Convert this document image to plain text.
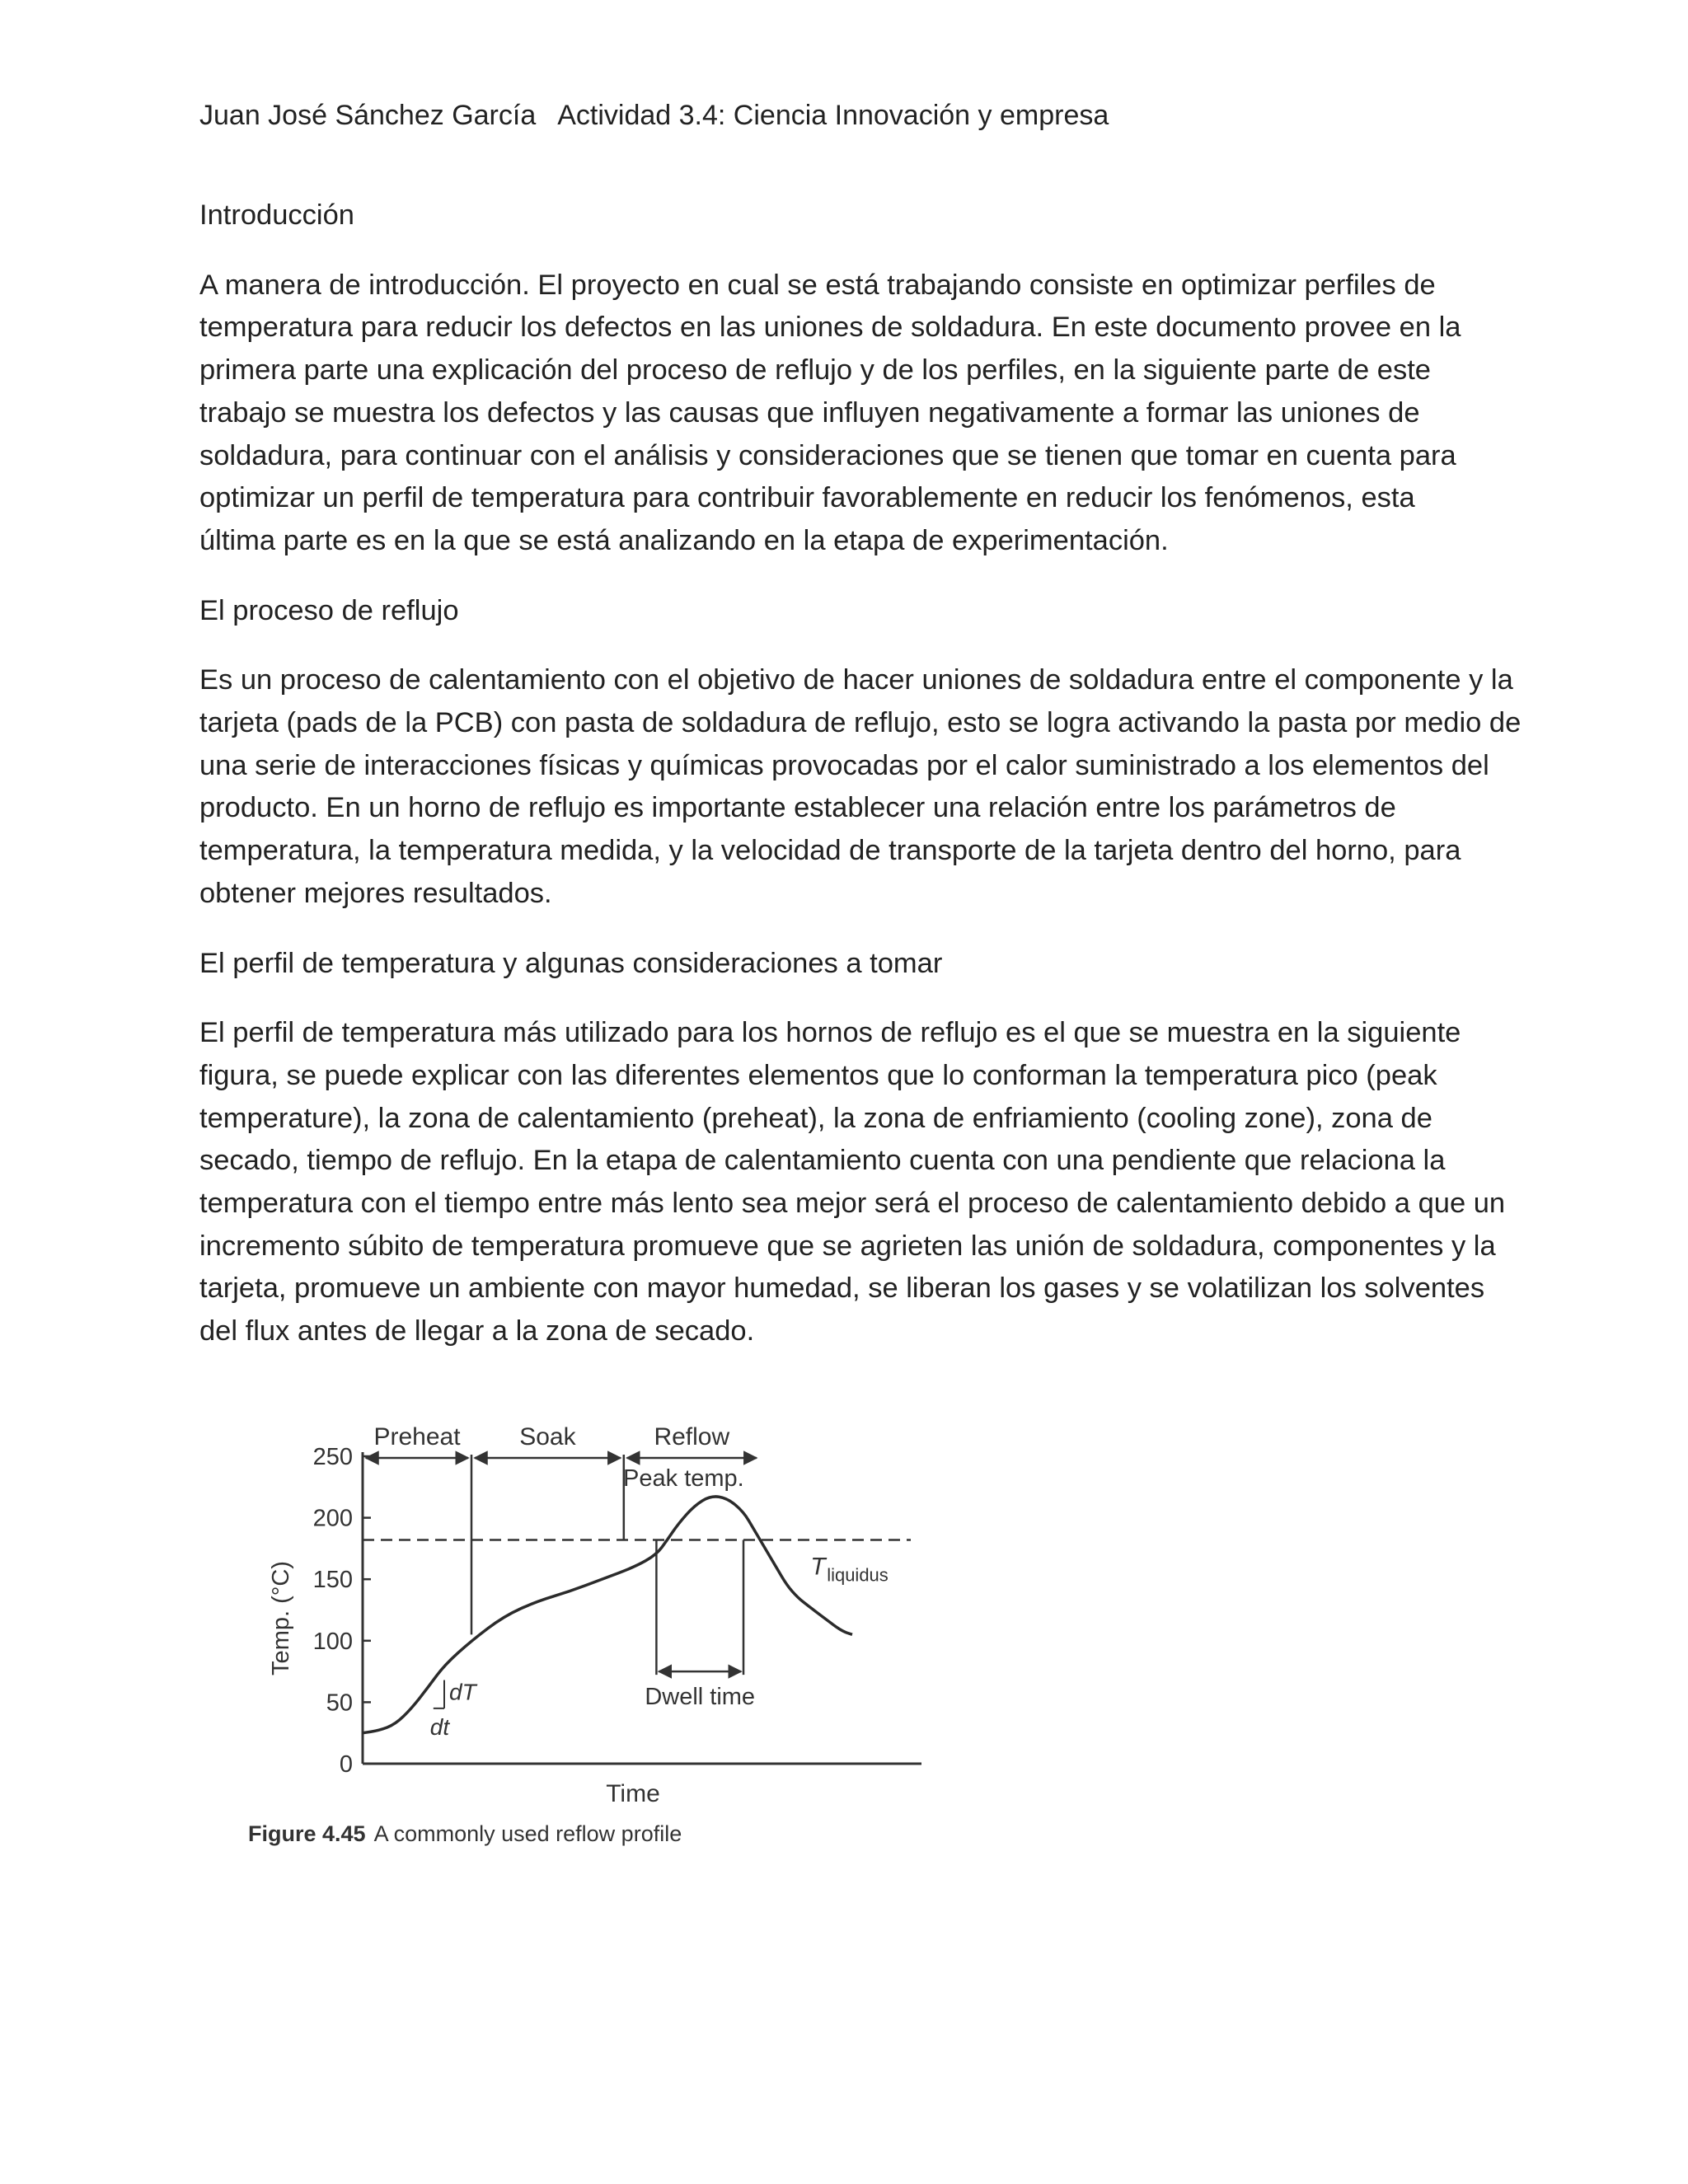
Juan José Sánchez García Actividad 3.4: Ciencia Innovación y empresa
Introducción

A manera de introducción. El proyecto en cual se está trabajando consiste en optimizar perfiles de
temperatura para reducir los defectos en las uniones de soldadura. En este documento provee en la
primera parte una explicación del proceso de reflujo y de los perfiles, en la siguiente parte de este
trabajo se muestra los defectos y las causas que influyen negativamente a formar las uniones de
soldadura, para continuar con el análisis y consideraciones que se tienen que tomar en cuenta para
optimizar un perfil de temperatura para contribuir favorablemente en reducir los fenómenos, esta
última parte es en la que se está analizando en la etapa de experimentación.

El proceso de reflujo

Es un proceso de calentamiento con el objetivo de hacer uniones de soldadura entre el componente y la
tarjeta (pads de la PCB) con pasta de soldadura de reflujo, esto se logra activando la pasta por medio de
una serie de interacciones físicas y químicas provocadas por el calor suministrado a los elementos del
producto. En un horno de reflujo es importante establecer una relación entre los parámetros de
temperatura, la temperatura medida, y la velocidad de transporte de la tarjeta dentro del horno, para
obtener mejores resultados.

El perfil de temperatura y algunas consideraciones a tomar

El perfil de temperatura más utilizado para los hornos de reflujo es el que se muestra en la siguiente
figura, se puede explicar con las diferentes elementos que lo conforman la temperatura pico (peak
temperature), la zona de calentamiento (preheat), la zona de enfriamiento (cooling zone), zona de
secado, tiempo de reflujo. En la etapa de calentamiento cuenta con una pendiente que relaciona la
temperatura con el tiempo entre más lento sea mejor será el proceso de calentamiento debido a que un
incremento súbito de temperatura promueve que se agrieten las unión de soldadura, componentes y la
tarjeta, promueve un ambiente con mayor humedad, se liberan los gases y se volatilizan los solventes
del flux antes de llegar a la zona de secado.

0
50
100
150
200
250
Time
Temp. (°C)	T liquidus
Preheat Soak	Reflow
Peak temp.
Dwell time
dT
dt
Figure 4.45 A commonly used reflow profile
